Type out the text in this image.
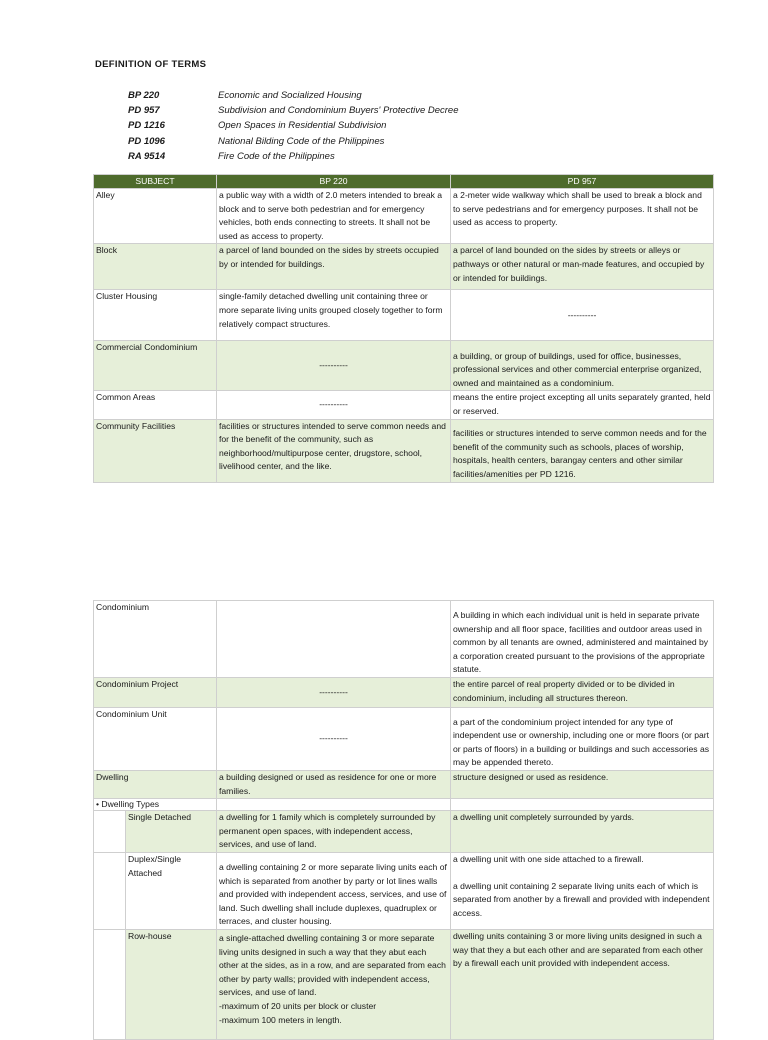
DEFINITION OF TERMS
BP 220	Economic and Socialized Housing
PD 957	Subdivision and Condominium Buyers' Protective Decree
PD 1216	Open Spaces in Residential Subdivision
PD 1096	National Bilding Code of the Philippines
RA 9514	Fire Code of the Philippines
SUBJECT	BP 220	PD 957
Alley	a public way with a width of 2.0 meters intended to break a block and to serve both pedestrian and for emergency vehicles, both ends connecting to streets. It shall not be used as access to property.	a 2-meter wide walkway which shall be used to break a block and to serve pedestrians and for emergency purposes. It shall not be used as access to property.
Block	a parcel of land bounded on the sides by streets occupied by or intended for buildings.	a parcel of land bounded on the sides by streets or alleys or pathways or other natural or man-made features, and occupied by or intended for buildings.
Cluster Housing	single-family detached dwelling unit containing three or more separate living units grouped closely together to form relatively compact structures.	----------
Commercial Condominium	----------	a building, or group of buildings, used for office, businesses, professional services and other commercial enterprise organized, owned and maintained as a condominium.
Common Areas	----------	means the entire project excepting all units separately granted, held or reserved.
Community Facilities	facilities or structures intended to serve common needs and for the benefit of the community, such as neighborhood/multipurpose center, drugstore, school, livelihood center, and the like.	facilities or structures intended to serve common needs and for the benefit of the community such as schools, places of worship, hospitals, health centers, barangay centers and other similar facilities/amenities per PD 1216.
Condominium			A building in which each individual unit is held in separate private ownership and all floor space, facilities and outdoor areas used in common by all tenants are owned, administered and maintained by a corporation created pursuant to the provisions of the appropriate statute.
Condominium Project		----------	the entire parcel of real property divided or to be divided in condominium, including all structures thereon.
Condominium Unit		----------	a part of the condominium project intended for any type of independent use or ownership, including one or more floors (or part or parts of floors) in a building or buildings and such accessories as may be appended thereto.
Dwelling		a building designed or used as residence for one or more families.	structure designed or used as residence.
• Dwelling Types			
	Single Detached	a dwelling for 1 family which is completely surrounded by permanent open spaces, with independent access, services, and use of land.	a dwelling unit completely surrounded by yards.
	Duplex/Single Attached	a dwelling containing 2 or more separate living units each of which is separated from another by party or lot lines walls and provided with independent access, services, and use of land. Such dwelling shall include duplexes, quadruplex or terraces, and cluster housing.	a dwelling unit with one side attached to a firewall.
a dwelling unit containing 2 separate living units each of which is separated from another by a firewall and provided with independent access.

	Row-house	a single-attached dwelling containing 3 or more separate living units designed in such a way that they abut each other at the sides, as in a row, and are separated from each other by party walls; provided with independent access, services, and use of land.
-maximum of 20 units per block or cluster
-maximum 100 meters in length.	dwelling units containing 3 or more living units designed in such a way that they a but each other and are separated from each other by a firewall each unit provided with independent access.
